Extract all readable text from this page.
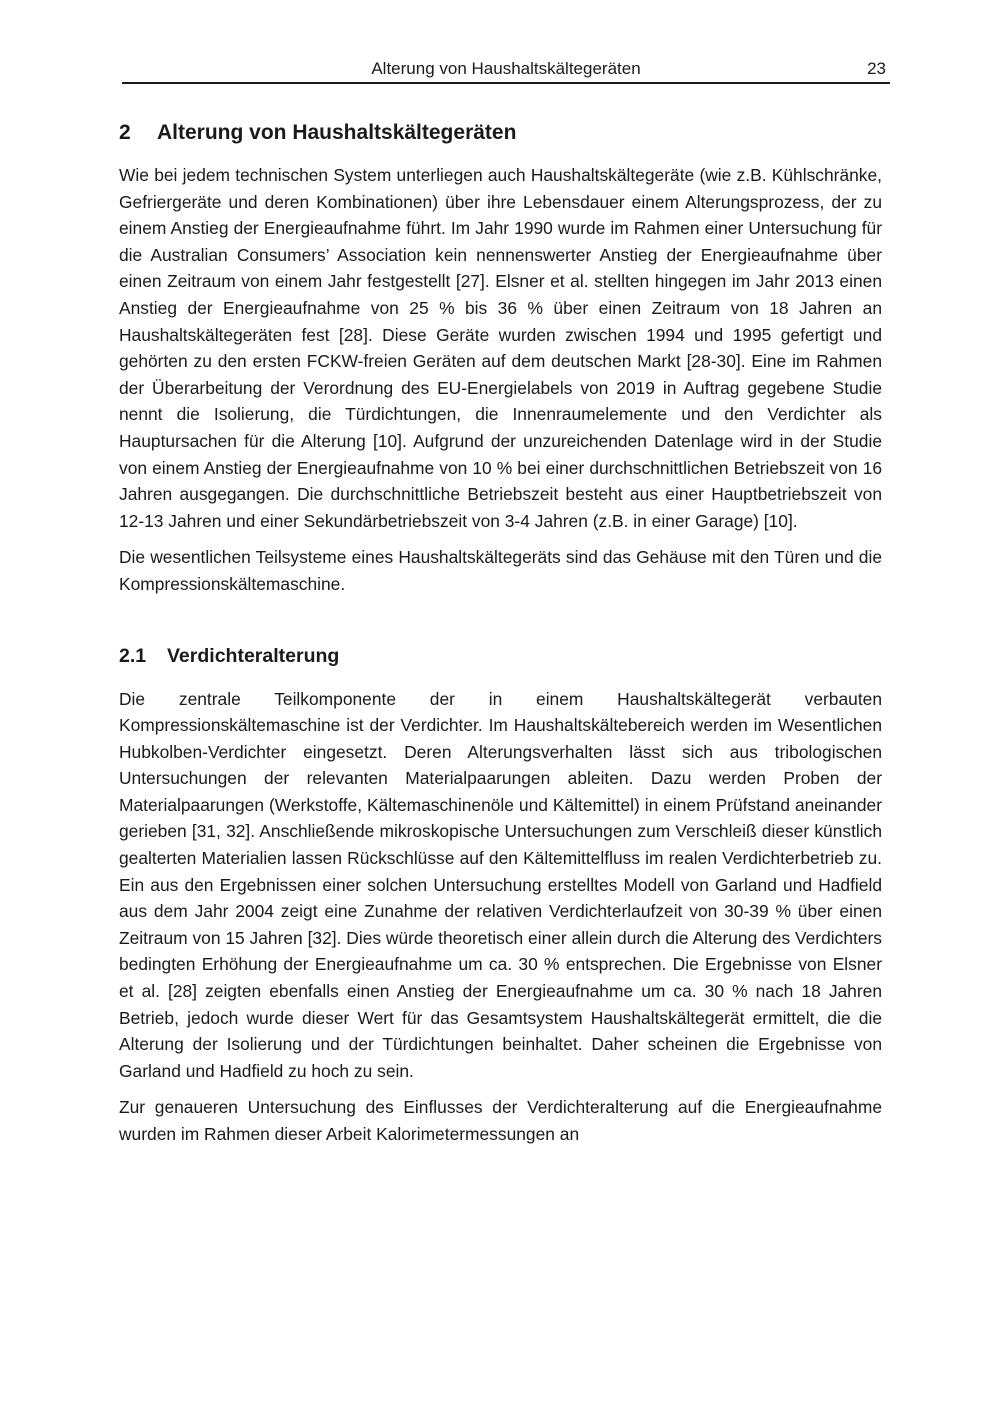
Alterung von Haushaltskältegeräten	23
2 Alterung von Haushaltskältegeräten

Wie bei jedem technischen System unterliegen auch Haushaltskältegeräte (wie z.B. Kühlschränke, Gefriergeräte und deren Kombinationen) über ihre Lebensdauer einem Alterungsprozess, der zu einem Anstieg der Energieaufnahme führt. Im Jahr 1990 wurde im Rahmen einer Untersuchung für die Australian Consumers’ Association kein nennenswerter Anstieg der Energieaufnahme über einen Zeitraum von einem Jahr festgestellt [27]. Elsner et al. stellten hingegen im Jahr 2013 einen Anstieg der Energieaufnahme von 25 % bis 36 % über einen Zeitraum von 18 Jahren an Haushaltskältegeräten fest [28]. Diese Geräte wurden zwischen 1994 und 1995 gefertigt und gehörten zu den ersten FCKW-freien Geräten auf dem deutschen Markt [28-30]. Eine im Rahmen der Überarbeitung der Verordnung des EU-Energielabels von 2019 in Auftrag gegebene Studie nennt die Isolierung, die Türdichtungen, die Innenraumelemente und den Verdichter als Hauptursachen für die Alterung [10]. Aufgrund der unzureichenden Datenlage wird in der Studie von einem Anstieg der Energieaufnahme von 10 % bei einer durchschnittlichen Betriebszeit von 16 Jahren ausgegangen. Die durchschnittliche Betriebszeit besteht aus einer Hauptbetriebszeit von 12-13 Jahren und einer Sekundärbetriebszeit von 3-4 Jahren (z.B. in einer Garage) [10].

Die wesentlichen Teilsysteme eines Haushaltskältegeräts sind das Gehäuse mit den Türen und die Kompressionskältemaschine.

2.1 Verdichteralterung

Die zentrale Teilkomponente der in einem Haushaltskältegerät verbauten Kompressionskältemaschine ist der Verdichter. Im Haushaltskältebereich werden im Wesentlichen Hubkolben-Verdichter eingesetzt. Deren Alterungsverhalten lässt sich aus tribologischen Untersuchungen der relevanten Materialpaarungen ableiten. Dazu werden Proben der Materialpaarungen (Werkstoffe, Kältemaschinenöle und Kältemittel) in einem Prüfstand aneinander gerieben [31, 32]. Anschließende mikroskopische Untersuchungen zum Verschleiß dieser künstlich gealterten Materialien lassen Rückschlüsse auf den Kältemittelfluss im realen Verdichterbetrieb zu. Ein aus den Ergebnissen einer solchen Untersuchung erstelltes Modell von Garland und Hadfield aus dem Jahr 2004 zeigt eine Zunahme der relativen Verdichterlaufzeit von 30-39 % über einen Zeitraum von 15 Jahren [32]. Dies würde theoretisch einer allein durch die Alterung des Verdichters bedingten Erhöhung der Energieaufnahme um ca. 30 % entsprechen. Die Ergebnisse von Elsner et al. [28] zeigten ebenfalls einen Anstieg der Energieaufnahme um ca. 30 % nach 18 Jahren Betrieb, jedoch wurde dieser Wert für das Gesamtsystem Haushaltskältegerät ermittelt, die die Alterung der Isolierung und der Türdichtungen beinhaltet. Daher scheinen die Ergebnisse von Garland und Hadfield zu hoch zu sein.

Zur genaueren Untersuchung des Einflusses der Verdichteralterung auf die Energieaufnahme wurden im Rahmen dieser Arbeit Kalorimetermessungen an
